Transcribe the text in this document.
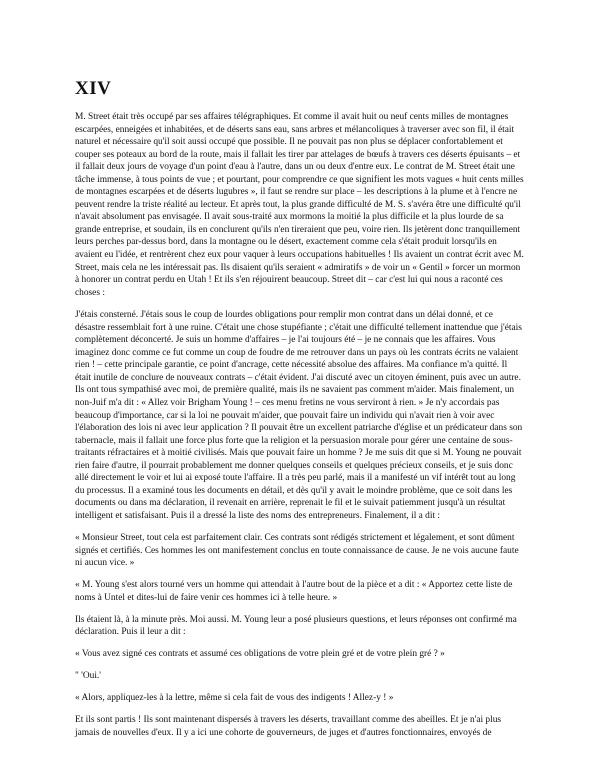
XIV

M. Street était très occupé par ses affaires télégraphiques. Et comme il avait huit ou neuf cents milles de montagnes escarpées, enneigées et inhabitées, et de déserts sans eau, sans arbres et mélancoliques à traverser avec son fil, il était naturel et nécessaire qu'il soit aussi occupé que possible. Il ne pouvait pas non plus se déplacer confortablement et couper ses poteaux au bord de la route, mais il fallait les tirer par attelages de bœufs à travers ces déserts épuisants – et il fallait deux jours de voyage d'un point d'eau à l'autre, dans un ou deux d'entre eux. Le contrat de M. Street était une tâche immense, à tous points de vue ; et pourtant, pour comprendre ce que signifient les mots vagues « huit cents milles de montagnes escarpées et de déserts lugubres », il faut se rendre sur place – les descriptions à la plume et à l'encre ne peuvent rendre la triste réalité au lecteur. Et après tout, la plus grande difficulté de M. S. s'avéra être une difficulté qu'il n'avait absolument pas envisagée. Il avait sous-traité aux mormons la moitié la plus difficile et la plus lourde de sa grande entreprise, et soudain, ils en conclurent qu'ils n'en tireraient que peu, voire rien. Ils jetèrent donc tranquillement leurs perches par-dessus bord, dans la montagne ou le désert, exactement comme cela s'était produit lorsqu'ils en avaient eu l'idée, et rentrèrent chez eux pour vaquer à leurs occupations habituelles ! Ils avaient un contrat écrit avec M. Street, mais cela ne les intéressait pas. Ils disaient qu'ils seraient « admiratifs » de voir un « Gentil » forcer un mormon à honorer un contrat perdu en Utah ! Et ils s'en réjouirent beaucoup. Street dit – car c'est lui qui nous a raconté ces choses :

J'étais consterné. J'étais sous le coup de lourdes obligations pour remplir mon contrat dans un délai donné, et ce désastre ressemblait fort à une ruine. C'était une chose stupéfiante ; c'était une difficulté tellement inattendue que j'étais complètement déconcerté. Je suis un homme d'affaires – je l'ai toujours été – je ne connais que les affaires. Vous imaginez donc comme ce fut comme un coup de foudre de me retrouver dans un pays où les contrats écrits ne valaient rien ! – cette principale garantie, ce point d'ancrage, cette nécessité absolue des affaires. Ma confiance m'a quitté. Il était inutile de conclure de nouveaux contrats – c'était évident. J'ai discuté avec un citoyen éminent, puis avec un autre. Ils ont tous sympathisé avec moi, de première qualité, mais ils ne savaient pas comment m'aider. Mais finalement, un non-Juif m'a dit : « Allez voir Brigham Young ! – ces menu fretins ne vous serviront à rien. » Je n'y accordais pas beaucoup d'importance, car si la loi ne pouvait m'aider, que pouvait faire un individu qui n'avait rien à voir avec l'élaboration des lois ni avec leur application ? Il pouvait être un excellent patriarche d'église et un prédicateur dans son tabernacle, mais il fallait une force plus forte que la religion et la persuasion morale pour gérer une centaine de sous-traitants réfractaires et à moitié civilisés. Mais que pouvait faire un homme ? Je me suis dit que si M. Young ne pouvait rien faire d'autre, il pourrait probablement me donner quelques conseils et quelques précieux conseils, et je suis donc allé directement le voir et lui ai exposé toute l'affaire. Il a très peu parlé, mais il a manifesté un vif intérêt tout au long du processus. Il a examiné tous les documents en détail, et dès qu'il y avait le moindre problème, que ce soit dans les documents ou dans ma déclaration, il revenait en arrière, reprenait le fil et le suivait patiemment jusqu'à un résultat intelligent et satisfaisant. Puis il a dressé la liste des noms des entrepreneurs. Finalement, il a dit :

« Monsieur Street, tout cela est parfaitement clair. Ces contrats sont rédigés strictement et légalement, et sont dûment signés et certifiés. Ces hommes les ont manifestement conclus en toute connaissance de cause. Je ne vois aucune faute ni aucun vice. »

« M. Young s'est alors tourné vers un homme qui attendait à l'autre bout de la pièce et a dit : « Apportez cette liste de noms à Untel et dites-lui de faire venir ces hommes ici à telle heure. »

Ils étaient là, à la minute près. Moi aussi. M. Young leur a posé plusieurs questions, et leurs réponses ont confirmé ma déclaration. Puis il leur a dit :

« Vous avez signé ces contrats et assumé ces obligations de votre plein gré et de votre plein gré ? »

" 'Oui.'

« Alors, appliquez-les à la lettre, même si cela fait de vous des indigents ! Allez-y ! »

Et ils sont partis ! Ils sont maintenant dispersés à travers les déserts, travaillant comme des abeilles. Et je n'ai plus jamais de nouvelles d'eux. Il y a ici une cohorte de gouverneurs, de juges et d'autres fonctionnaires, envoyés de
